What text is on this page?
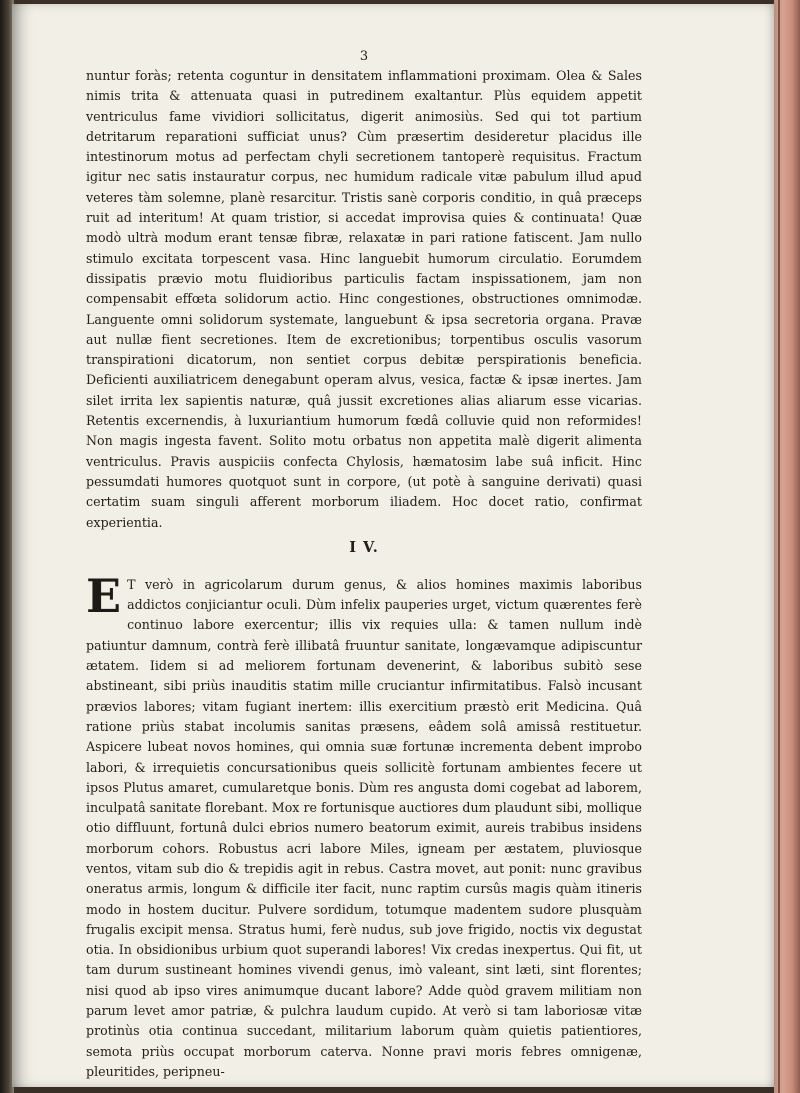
3

nuntur foràs; retenta coguntur in densitatem inflammationi proximam. Olea & Sales nimis trita & attenuata quasi in putredinem exaltantur. Plùs equidem appetit ventriculus fame vividiori sollicitatus, digerit animosiùs. Sed qui tot partium detritarum reparationi sufficiat unus? Cùm præsertim desideretur placidus ille intestinorum motus ad perfectam chyli secretionem tantoperè requisitus. Fractum igitur nec satis instauratur corpus, nec humidum radicale vitæ pabulum illud apud veteres tàm solemne, planè resarcitur. Tristis sanè corporis conditio, in quâ præceps ruit ad interitum! At quam tristior, si accedat improvisa quies & continuata! Quæ modò ultrà modum erant tensæ fibræ, relaxatæ in pari ratione fatiscent. Jam nullo stimulo excitata torpescent vasa. Hinc languebit humorum circulatio. Eorumdem dissipatis prævio motu fluidioribus particulis factam inspissationem, jam non compensabit effœta solidorum actio. Hinc congestiones, obstructiones omnimodæ. Languente omni solidorum systemate, languebunt & ipsa secretoria organa. Pravæ aut nullæ fient secretiones. Item de excretionibus; torpentibus osculis vasorum transpirationi dicatorum, non sentiet corpus debitæ perspirationis beneficia. Deficienti auxiliatricem denegabunt operam alvus, vesica, factæ & ipsæ inertes. Jam silet irrita lex sapientis naturæ, quâ jussit excretiones alias aliarum esse vicarias. Retentis excernendis, à luxuriantium humorum fœdâ colluvie quid non reformides! Non magis ingesta favent. Solito motu orbatus non appetita malè digerit alimenta ventriculus. Pravis auspiciis confecta Chylosis, hæmatosim labe suâ inficit. Hinc pessumdati humores quotquot sunt in corpore, (ut potè à sanguine derivati) quasi certatim suam singuli afferent morborum iliadem. Hoc docet ratio, confirmat experientia.

I V.

E T verò in agricolarum durum genus, & alios homines maximis laboribus addictos conjiciantur oculi. Dùm infelix pauperies urget, victum quærentes ferè continuo labore exercentur; illis vix requies ulla: & tamen nullum indè patiuntur damnum, contrà ferè illibatâ fruuntur sanitate, longævamque adipiscuntur ætatem. Iidem si ad meliorem fortunam devenerint, & laboribus subitò sese abstineant, sibi priùs inauditis statim mille cruciantur infirmitatibus. Falsò incusant prævios labores; vitam fugiant inertem: illis exercitium præstò erit Medicina. Quâ ratione priùs stabat incolumis sanitas præsens, eâdem solâ amissâ restituetur. Aspicere lubeat novos homines, qui omnia suæ fortunæ incrementa debent improbo labori, & irrequietis concursationibus queis sollicitè fortunam ambientes fecere ut ipsos Plutus amaret, cumularetque bonis. Dùm res angusta domi cogebat ad laborem, inculpatâ sanitate florebant. Mox re fortunisque auctiores dum plaudunt sibi, mollique otio diffluunt, fortunâ dulci ebrios numero beatorum eximit, aureis trabibus insidens morborum cohors. Robustus acri labore Miles, igneam per æstatem, pluviosque ventos, vitam sub dio & trepidis agit in rebus. Castra movet, aut ponit: nunc gravibus oneratus armis, longum & difficile iter facit, nunc raptim cursûs magis quàm itineris modo in hostem ducitur. Pulvere sordidum, totumque madentem sudore plusquàm frugalis excipit mensa. Stratus humi, ferè nudus, sub jove frigido, noctis vix degustat otia. In obsidionibus urbium quot superandi labores! Vix credas inexpertus. Qui fit, ut tam durum sustineant homines vivendi genus, imò valeant, sint læti, sint florentes; nisi quod ab ipso vires animumque ducant labore? Adde quòd gravem militiam non parum levet amor patriæ, & pulchra laudum cupido. At verò si tam laboriosæ vitæ protinùs otia continua succedant, militarium laborum quàm quietis patientiores, semota priùs occupat morborum caterva. Nonne pravi moris febres omnigenæ, pleuritides, peripneu-
